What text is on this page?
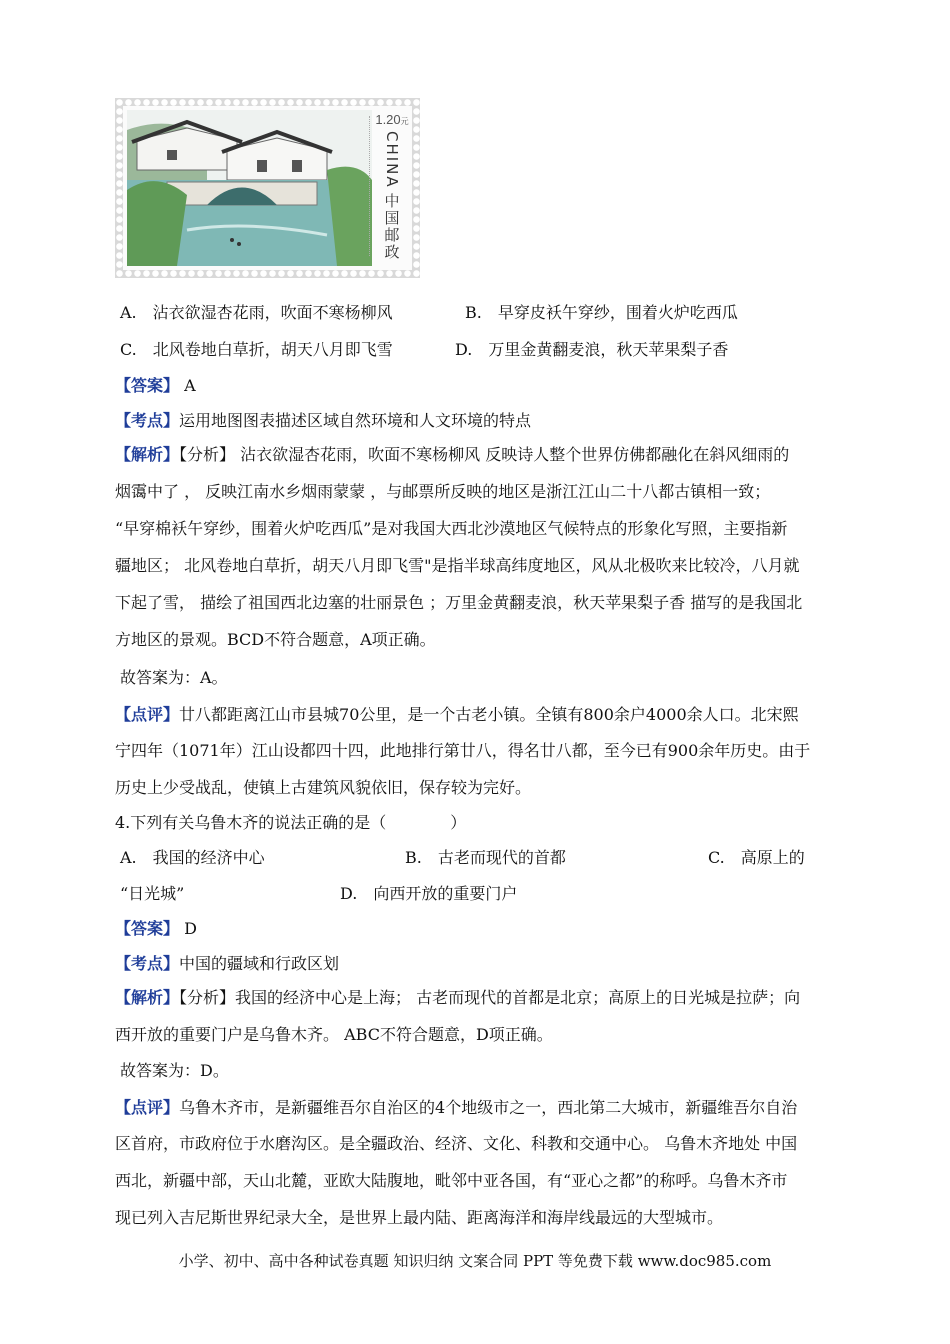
1.20元
CHINA
中国邮政
A.　沾衣欲湿杏花雨，吹面不寒杨柳风	B.　早穿皮袄午穿纱，围着火炉吃西瓜
C.　北风卷地白草折，胡天八月即飞雪	D.　万里金黄翻麦浪，秋天苹果梨子香
【答案】 A
【考点】运用地图图表描述区域自然环境和人文环境的特点
【解析】【分析】 沾衣欲湿杏花雨，吹面不寒杨柳风 反映诗人整个世界仿佛都融化在斜风细雨的
烟霭中了 ， 反映江南水乡烟雨蒙蒙 ，与邮票所反映的地区是浙江江山二十八都古镇相一致；
“早穿棉袄午穿纱，围着火炉吃西瓜”是对我国大西北沙漠地区气候特点的形象化写照，主要指新
疆地区； 北风卷地白草折，胡天八月即飞雪"是指半球高纬度地区，风从北极吹来比较冷，八月就
下起了雪， 描绘了祖国西北边塞的壮丽景色 ；万里金黄翻麦浪，秋天苹果梨子香 描写的是我国北
方地区的景观。BCD不符合题意，A项正确。
故答案为：A。
【点评】廿八都距离江山市县城70公里，是一个古老小镇。全镇有800余户4000余人口。北宋熙
宁四年（1071年）江山设都四十四，此地排行第廿八，得名廿八都，至今已有900余年历史。由于
历史上少受战乱，使镇上古建筑风貌依旧，保存较为完好。
4.下列有关乌鲁木齐的说法正确的是（　　　　）
A.　我国的经济中心	B.　古老而现代的首都	C.　高原上的
“日光城”	D.　向西开放的重要门户
【答案】 D
【考点】中国的疆域和行政区划
【解析】【分析】我国的经济中心是上海； 古老而现代的首都是北京；高原上的日光城是拉萨；向
西开放的重要门户是乌鲁木齐。 ABC不符合题意，D项正确。
故答案为：D。
【点评】乌鲁木齐市，是新疆维吾尔自治区的4个地级市之一，西北第二大城市，新疆维吾尔自治
区首府，市政府位于水磨沟区。是全疆政治、经济、文化、科教和交通中心。 乌鲁木齐地处 中国
西北，新疆中部，天山北麓，亚欧大陆腹地，毗邻中亚各国，有“亚心之都”的称呼。乌鲁木齐市
现已列入吉尼斯世界纪录大全，是世界上最内陆、距离海洋和海岸线最远的大型城市。
小学、初中、高中各种试卷真题 知识归纳 文案合同 PPT 等免费下载 www.doc985.com
